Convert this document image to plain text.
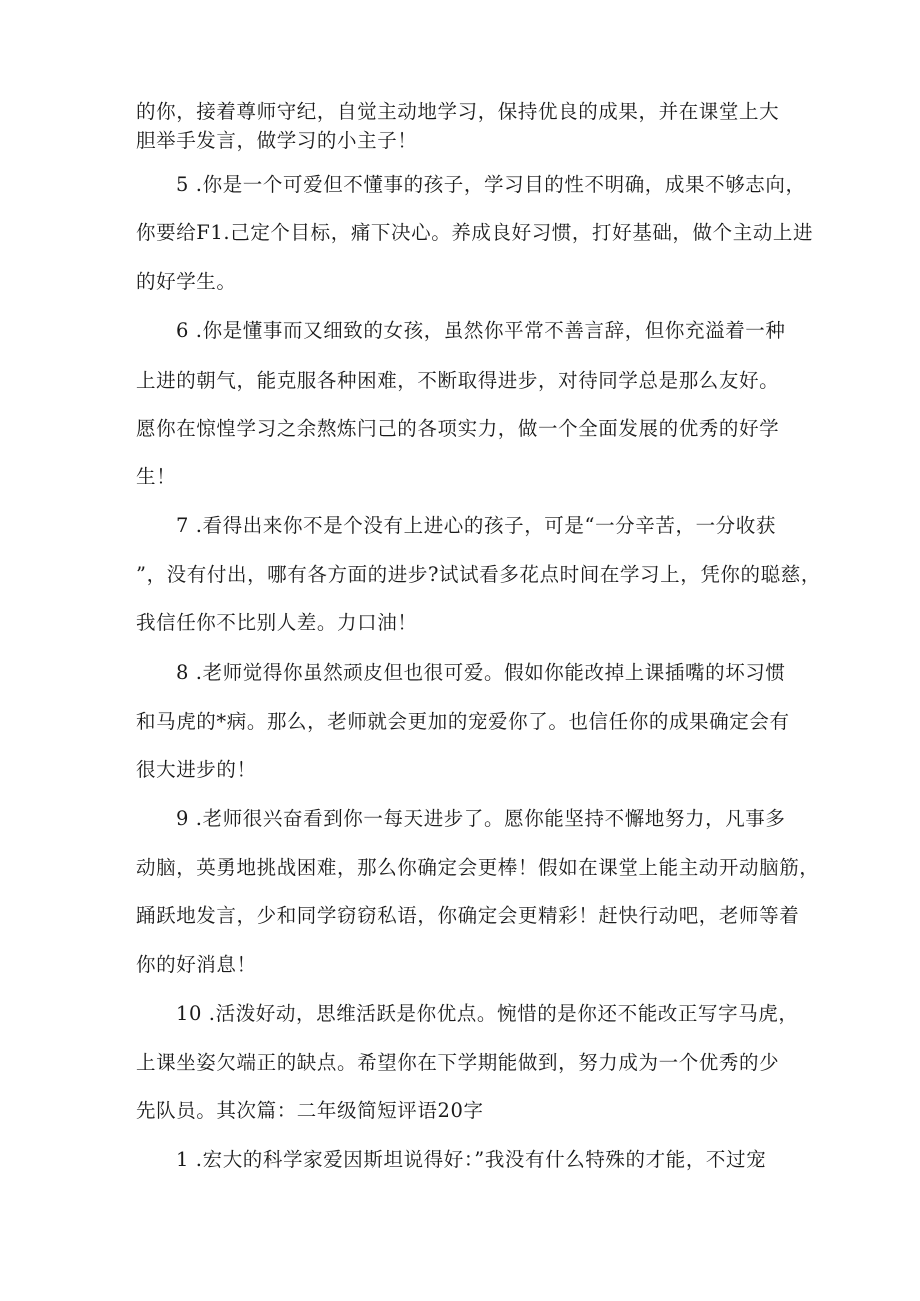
的你，接着尊师守纪，自觉主动地学习，保持优良的成果，并在课堂上大
胆举手发言，做学习的小主子！
5 .你是一个可爱但不懂事的孩子，学习目的性不明确，成果不够志向，
你要给F1.己定个目标，痛下决心。养成良好习惯，打好基础，做个主动上进
的好学生。
6 .你是懂事而又细致的女孩，虽然你平常不善言辞，但你充溢着一种
上进的朝气，能克服各种困难，不断取得进步，对待同学总是那么友好。
愿你在惊惶学习之余熬炼闩己的各项实力，做一个全面发展的优秀的好学
生！
7 .看得出来你不是个没有上进心的孩子，可是“一分辛苦，一分收获
”，没有付出，哪有各方面的进步?试试看多花点时间在学习上，凭你的聪慈，
我信任你不比别人差。力口油！
8 .老师觉得你虽然顽皮但也很可爱。假如你能改掉上课插嘴的坏习惯
和马虎的*病。那么，老师就会更加的宠爱你了。也信任你的成果确定会有
很大进步的！
9 .老师很兴奋看到你一每天进步了。愿你能坚持不懈地努力，凡事多
动脑，英勇地挑战困难，那么你确定会更棒！假如在课堂上能主动开动脑筋，
踊跃地发言，少和同学窃窃私语，你确定会更精彩！赶快行动吧，老师等着
你的好消息！
10 .活泼好动，思维活跃是你优点。惋惜的是你还不能改正写字马虎，
上课坐姿欠端正的缺点。希望你在下学期能做到，努力成为一个优秀的少
先队员。其次篇：二年级简短评语20字
1 .宏大的科学家爱因斯坦说得好：”我没有什么特殊的才能，不过宠
